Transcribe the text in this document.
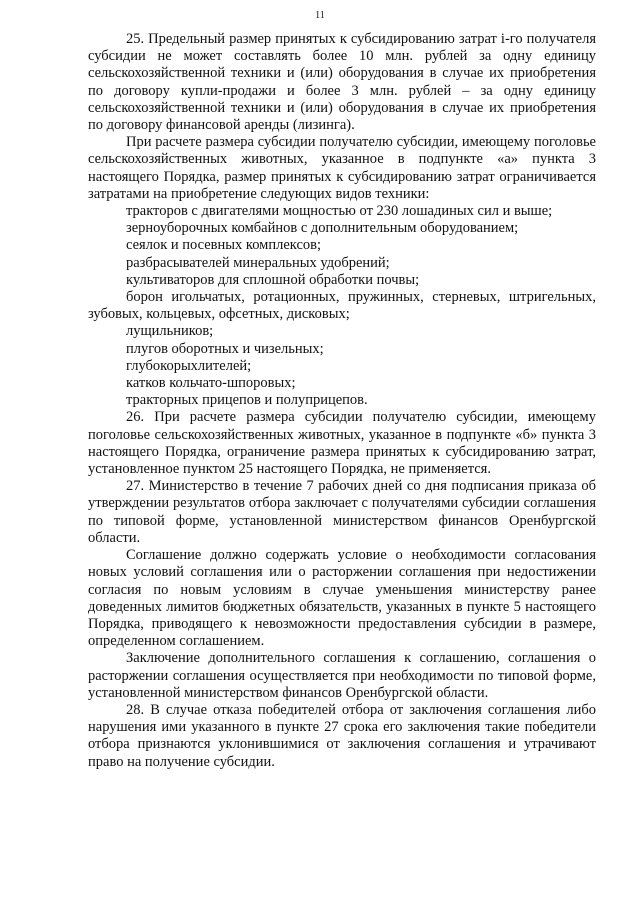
11

25. Предельный размер принятых к субсидированию затрат i-го получателя субсидии не может составлять более 10 млн. рублей за одну единицу сельскохозяйственной техники и (или) оборудования в случае их приобретения по договору купли-продажи и более 3 млн. рублей – за одну единицу сельскохозяйственной техники и (или) оборудования в случае их приобретения по договору финансовой аренды (лизинга).

При расчете размера субсидии получателю субсидии, имеющему поголовье сельскохозяйственных животных, указанное в подпункте «а» пункта 3 настоящего Порядка, размер принятых к субсидированию затрат ограничивается затратами на приобретение следующих видов техники:

тракторов с двигателями мощностью от 230 лошадиных сил и выше;

зерноуборочных комбайнов с дополнительным оборудованием;

сеялок и посевных комплексов;

разбрасывателей минеральных удобрений;

культиваторов для сплошной обработки почвы;

борон игольчатых, ротационных, пружинных, стерневых, штригельных, зубовых, кольцевых, офсетных, дисковых;

лущильников;

плугов оборотных и чизельных;

глубокорыхлителей;

катков кольчато-шпоровых;

тракторных прицепов и полуприцепов.

26. При расчете размера субсидии получателю субсидии, имеющему поголовье сельскохозяйственных животных, указанное в подпункте «б» пункта 3 настоящего Порядка, ограничение размера принятых к субсидированию затрат, установленное пунктом 25 настоящего Порядка, не применяется.

27. Министерство в течение 7 рабочих дней со дня подписания приказа об утверждении результатов отбора заключает с получателями субсидии соглашения по типовой форме, установленной министерством финансов Оренбургской области.

Соглашение должно содержать условие о необходимости согласования новых условий соглашения или о расторжении соглашения при недостижении согласия по новым условиям в случае уменьшения министерству ранее доведенных лимитов бюджетных обязательств, указанных в пункте 5 настоящего Порядка, приводящего к невозможности предоставления субсидии в размере, определенном соглашением.

Заключение дополнительного соглашения к соглашению, соглашения о расторжении соглашения осуществляется при необходимости по типовой форме, установленной министерством финансов Оренбургской области.

28. В случае отказа победителей отбора от заключения соглашения либо нарушения ими указанного в пункте 27 срока его заключения такие победители отбора признаются уклонившимися от заключения соглашения и утрачивают право на получение субсидии.
